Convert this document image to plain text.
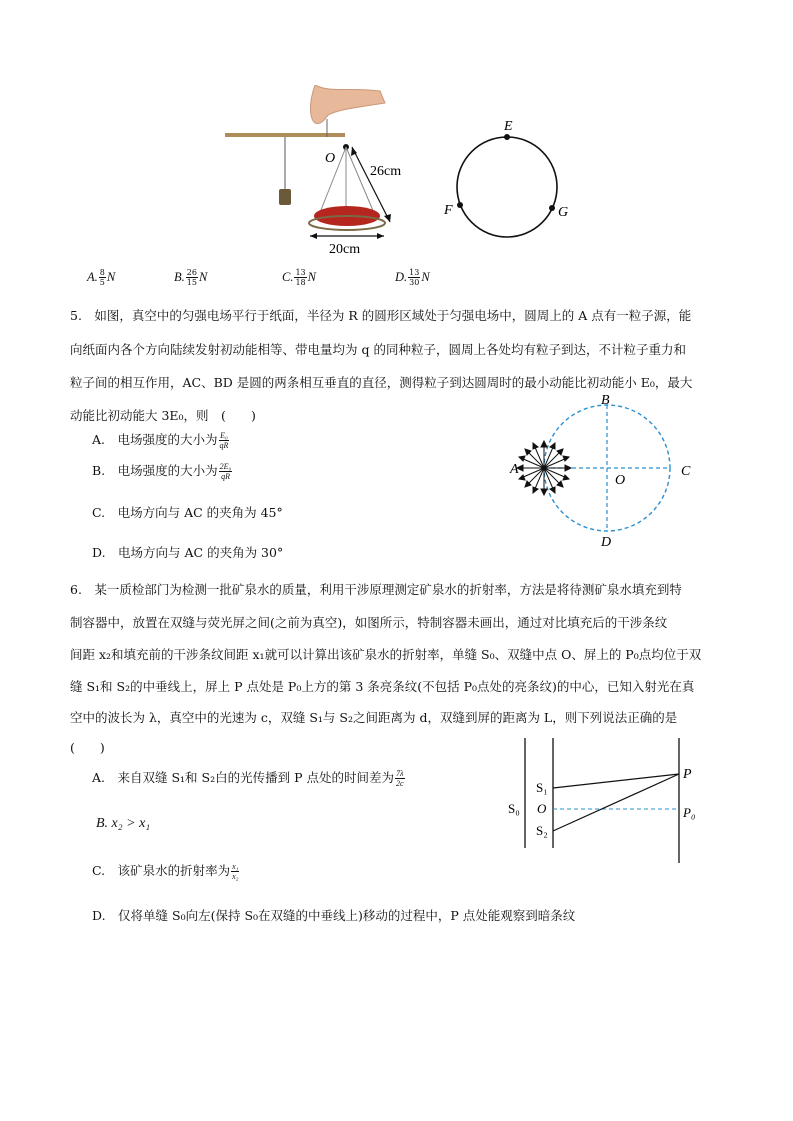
O
26cm
20cm
E
F	G
A. $\frac{8}{5}$ N	B. $\frac{26}{15}$ N	C. $\frac{13}{18}$ N	D. $\frac{13}{30}$ N
5.　如图，真空中的匀强电场平行于纸面，半径为 R 的圆形区域处于匀强电场中，圆周上的 A 点有一粒子源，能
向纸面内各个方向陆续发射初动能相等、带电量均为 q 的同种粒子，圆周上各处均有粒子到达，不计粒子重力和
粒子间的相互作用，AC、BD 是圆的两条相互垂直的直径，测得粒子到达圆周时的最小动能比初动能小 E₀，最大
动能比初动能大 3E₀，则　(　　)
A.　电场强度的大小为 $\frac{\text{E₀}}{qR}$
B.　电场强度的大小为 $\frac{\text{2E₀}}{qR}$
C.　电场方向与 AC 的夹角为 45°
D.　电场方向与 AC 的夹角为 30°
B
D
A	C
O
6.　某一质检部门为检测一批矿泉水的质量，利用干涉原理测定矿泉水的折射率，方法是将待测矿泉水填充到特
制容器中，放置在双缝与荧光屏之间(之前为真空)，如图所示，特制容器未画出，通过对比填充后的干涉条纹
间距 x₂和填充前的干涉条纹间距 x₁就可以计算出该矿泉水的折射率，单缝 S₀、双缝中点 O、屏上的 P₀点均位于双
缝 S₁和 S₂的中垂线上，屏上 P 点处是 P₀上方的第 3 条亮条纹(不包括 P₀点处的亮条纹)的中心，已知入射光在真
空中的波长为 λ，真空中的光速为 c，双缝 S₁与 S₂之间距离为 d，双缝到屏的距离为 L，则下列说法正确的是
(　　)
A.　来自双缝 S₁和 S₂白的光传播到 P 点处的时间差为 $\frac{7\lambda}{2c}$
B. x₂ > x₁
C.　该矿泉水的折射率为 $\frac{\text{x₁}}{\text{x₂}}$
D.　仅将单缝 S₀向左(保持 S₀在双缝的中垂线上)移动的过程中，P 点处能观察到暗条纹
S₀
S₁
O
S₂
P
P₀
